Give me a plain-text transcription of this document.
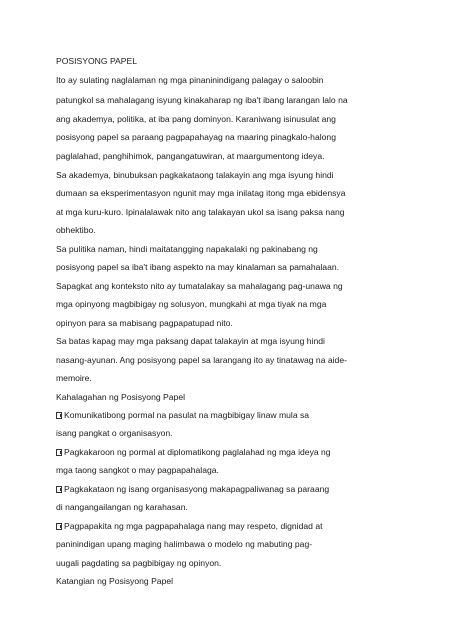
POSISYONG PAPEL
Ito ay sulating naglalaman ng mga pinaninindigang palagay o saloobin
patungkol sa mahalagang isyung kinakaharap ng iba't ibang larangan lalo na
ang akademya, politika, at iba pang dominyon. Karaniwang isinusulat ang
posisyong papel sa paraang pagpapahayag na maaring pinagkalo-halong
paglalahad, panghihimok, pangangatuwiran, at maargumentong ideya.
Sa akademya, binubuksan pagkakataong talakayin ang mga isyung hindi
dumaan sa eksperimentasyon ngunit may mga inilatag itong mga ebidensya
at mga kuru-kuro. Ipinalalawak nito ang talakayan ukol sa isang paksa nang
obhektibo.
Sa pulitika naman, hindi maitatangging napakalaki ng pakinabang ng
posisyong papel sa iba't ibang aspekto na may kinalaman sa pamahalaan.
Sapagkat ang konteksto nito ay tumatalakay sa mahalagang pag-unawa ng
mga opinyong magbibigay ng solusyon, mungkahi at mga tiyak na mga
opinyon para sa mabisang pagpapatupad nito.
Sa batas kapag may mga paksang dapat talakayin at mga isyung hindi
nasang-ayunan. Ang posisyong papel sa larangang ito ay tinatawag na aide-
memoire.
Kahalagahan ng Posisyong Papel
Komunikatibong pormal na pasulat na magbibigay linaw mula sa
isang pangkat o organisasyon.
Pagkakaroon ng pormal at diplomatikong paglalahad ng mga ideya ng
mga taong sangkot o may pagpapahalaga.
Pagkakataon ng isang organisasyong makapagpaliwanag sa paraang
di nangangailangan ng karahasan.
Pagpapakita ng mga pagpapahalaga nang may respeto, dignidad at
paninindigan upang maging halimbawa o modelo ng mabuting pag-
uugali pagdating sa pagbibigay ng opinyon.
Katangian ng Posisyong Papel
